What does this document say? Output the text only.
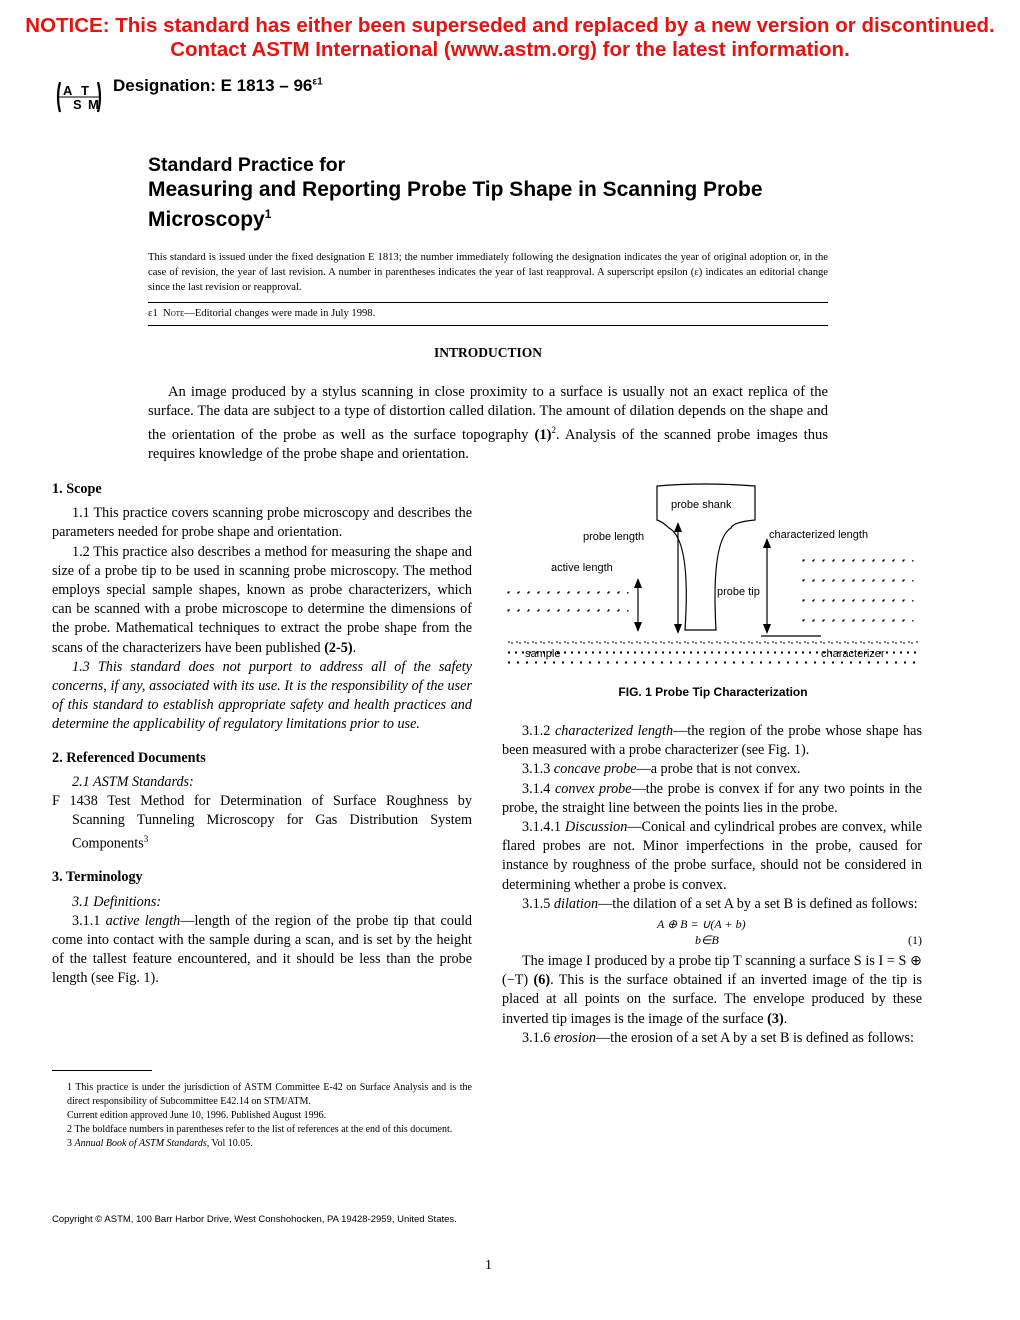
NOTICE: This standard has either been superseded and replaced by a new version or discontinued.
Contact ASTM International (www.astm.org) for the latest information.
A
S
T
M
Designation: E $1813 - 96^{\varepsilon 1}$
Standard Practice for
Measuring and Reporting Probe Tip Shape in Scanning Probe Microscopy$^1$
This standard is issued under the fixed designation E 1813; the number immediately following the designation indicates the year of original adoption or, in the case of revision, the year of last revision. A number in parentheses indicates the year of last reapproval. A superscript epsilon (ε) indicates an editorial change since the last revision or reapproval.
ε1 Note—Editorial changes were made in July 1998.
INTRODUCTION
An image produced by a stylus scanning in close proximity to a surface is usually not an exact replica of the surface. The data are subject to a type of distortion called dilation. The amount of dilation depends on the shape and the orientation of the probe as well as the surface topography $(1)^2$. Analysis of the scanned probe images thus requires knowledge of the probe shape and orientation.

1. Scope

1.1 This practice covers scanning probe microscopy and describes the parameters needed for probe shape and orientation.

1.2 This practice also describes a method for measuring the shape and size of a probe tip to be used in scanning probe microscopy. The method employs special sample shapes, known as probe characterizers, which can be scanned with a probe microscope to determine the dimensions of the probe. Mathematical techniques to extract the probe shape from the scans of the characterizers have been published (2-5).

1.3 This standard does not purport to address all of the safety concerns, if any, associated with its use. It is the responsibility of the user of this standard to establish appropriate safety and health practices and determine the applicability of regulatory limitations prior to use.

2. Referenced Documents

2.1 ASTM Standards:

F 1438 Test Method for Determination of Surface Roughness by Scanning Tunneling Microscopy for Gas Distribution System Components$^3$

3. Terminology

3.1 Definitions:

3.1.1 active length—length of the region of the probe tip that could come into contact with the sample during a scan, and is set by the height of the tallest feature encountered, and it should be less than the probe length (see Fig. 1).

probe shank
probe length
active length
probe tip
characterized length
sample	characterizer
FIG. 1 Probe Tip Characterization

3.1.2 characterized length—the region of the probe whose shape has been measured with a probe characterizer (see Fig. 1).

3.1.3 concave probe—a probe that is not convex.

3.1.4 convex probe—the probe is convex if for any two points in the probe, the straight line between the points lies in the probe.

3.1.4.1 Discussion—Conical and cylindrical probes are convex, while flared probes are not. Minor imperfections in the probe, caused for instance by roughness of the probe surface, should not be considered in determining whether a probe is convex.

3.1.5 dilation—the dilation of a set A by a set B is defined as follows:

A ⊕ B = ∪(A + b)
b∈B	(1)

The image I produced by a probe tip T scanning a surface S is I = S ⊕ (−T) (6). This is the surface obtained if an inverted image of the tip is placed at all points on the surface. The envelope produced by these inverted tip images is the image of the surface (3).

3.1.6 erosion—the erosion of a set A by a set B is defined as follows:

1 This practice is under the jurisdiction of ASTM Committee E-42 on Surface Analysis and is the direct responsibility of Subcommittee E42.14 on STM/ATM.

Current edition approved June 10, 1996. Published August 1996.

2 The boldface numbers in parentheses refer to the list of references at the end of this document.

3 Annual Book of ASTM Standards, Vol 10.05.

Copyright © ASTM, 100 Barr Harbor Drive, West Conshohocken, PA 19428-2959, United States.
1
